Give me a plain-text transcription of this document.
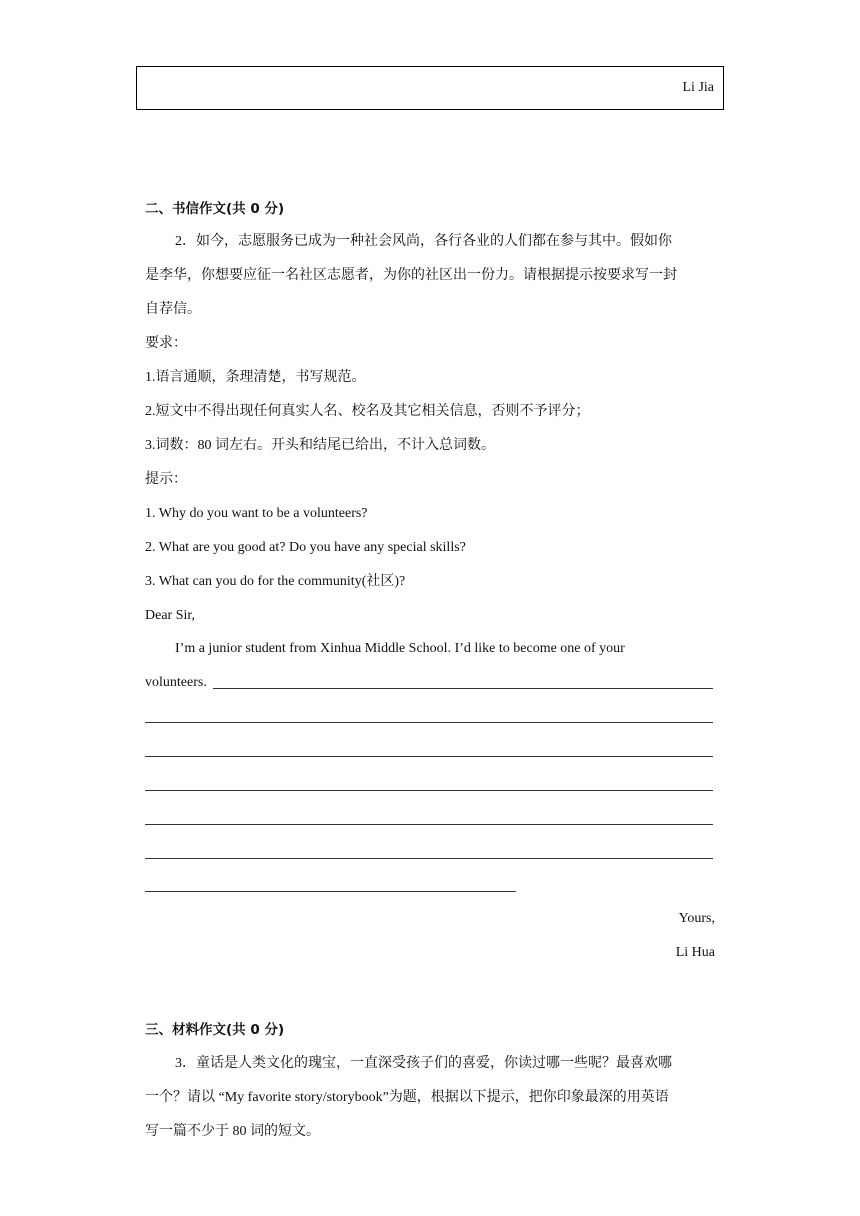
Li Jia
二、书信作文(共 0 分)
2．如今，志愿服务已成为一种社会风尚，各行各业的人们都在参与其中。假如你
是李华，你想要应征一名社区志愿者，为你的社区出一份力。请根据提示按要求写一封
自荐信。
要求：
1.语言通顺，条理清楚，书写规范。
2.短文中不得出现任何真实人名、校名及其它相关信息，否则不予评分；
3.词数：80 词左右。开头和结尾已给出，不计入总词数。
提示：
1. Why do you want to be a volunteers?
2. What are you good at? Do you have any special skills?
3. What can you do for the community(社区)?
Dear Sir,
I’m a junior student from Xinhua Middle School. I’d like to become one of your
volunteers.
Yours,
Li Hua
三、材料作文(共 0 分)
3．童话是人类文化的瑰宝，一直深受孩子们的喜爱，你读过哪一些呢？最喜欢哪
一个？请以 “My favorite story/storybook”为题，根据以下提示，把你印象最深的用英语
写一篇不少于 80 词的短文。
